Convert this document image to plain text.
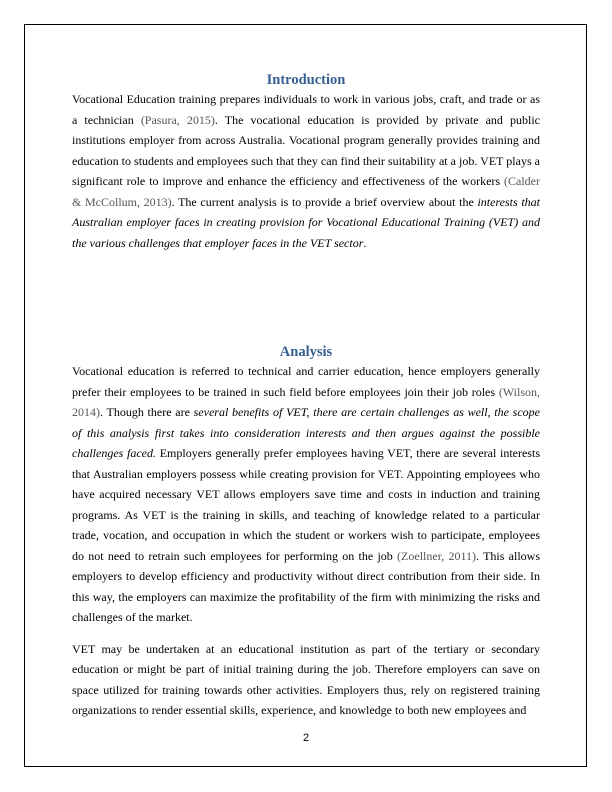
Introduction

Vocational Education training prepares individuals to work in various jobs, craft, and trade or as a technician (Pasura, 2015). The vocational education is provided by private and public institutions employer from across Australia. Vocational program generally provides training and education to students and employees such that they can find their suitability at a job. VET plays a significant role to improve and enhance the efficiency and effectiveness of the workers (Calder & McCollum, 2013). The current analysis is to provide a brief overview about the interests that Australian employer faces in creating provision for Vocational Educational Training (VET) and the various challenges that employer faces in the VET sector.

Analysis

Vocational education is referred to technical and carrier education, hence employers generally prefer their employees to be trained in such field before employees join their job roles (Wilson, 2014). Though there are several benefits of VET, there are certain challenges as well, the scope of this analysis first takes into consideration interests and then argues against the possible challenges faced. Employers generally prefer employees having VET, there are several interests that Australian employers possess while creating provision for VET. Appointing employees who have acquired necessary VET allows employers save time and costs in induction and training programs. As VET is the training in skills, and teaching of knowledge related to a particular trade, vocation, and occupation in which the student or workers wish to participate, employees do not need to retrain such employees for performing on the job (Zoellner, 2011). This allows employers to develop efficiency and productivity without direct contribution from their side. In this way, the employers can maximize the profitability of the firm with minimizing the risks and challenges of the market.

VET may be undertaken at an educational institution as part of the tertiary or secondary education or might be part of initial training during the job. Therefore employers can save on space utilized for training towards other activities. Employers thus, rely on registered training organizations to render essential skills, experience, and knowledge to both new employees and

2
